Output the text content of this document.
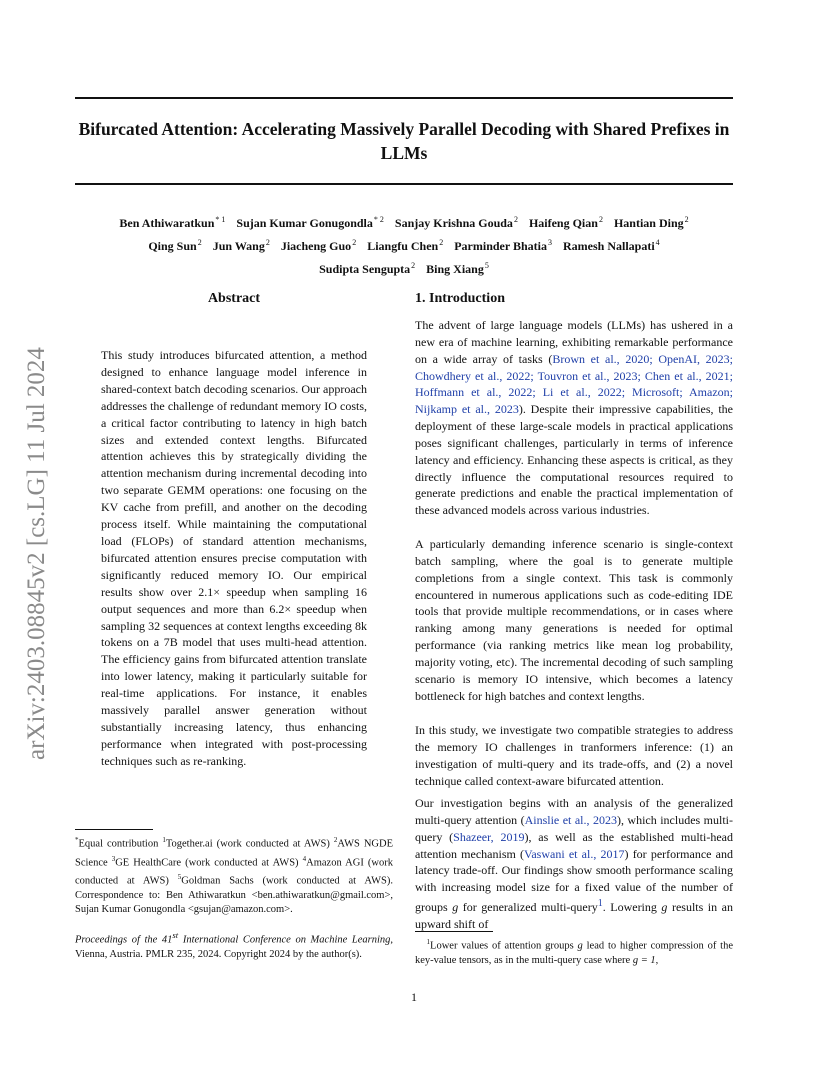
Bifurcated Attention: Accelerating Massively Parallel Decoding with Shared Prefixes in LLMs
Ben Athiwaratkun$^{* 1}$ Sujan Kumar Gonugondla$^{* 2}$ Sanjay Krishna Gouda$^2$ Haifeng Qian$^2$ Hantian Ding$^2$
Qing Sun$^2$ Jun Wang$^2$ Jiacheng Guo$^2$ Liangfu Chen$^2$ Parminder Bhatia$^3$ Ramesh Nallapati$^4$
Sudipta Sengupta$^2$ Bing Xiang$^5$
arXiv:2403.08845v2 [cs.LG] 11 Jul 2024
Abstract

This study introduces bifurcated attention, a method designed to enhance language model inference in shared-context batch decoding scenarios. Our approach addresses the challenge of redundant memory IO costs, a critical factor contributing to latency in high batch sizes and extended context lengths. Bifurcated attention achieves this by strategically dividing the attention mechanism during incremental decoding into two separate GEMM operations: one focusing on the KV cache from prefill, and another on the decoding process itself. While maintaining the computational load (FLOPs) of standard attention mechanisms, bifurcated attention ensures precise computation with significantly reduced memory IO. Our empirical results show over 2.1× speedup when sampling 16 output sequences and more than 6.2× speedup when sampling 32 sequences at context lengths exceeding 8k tokens on a 7B model that uses multi-head attention. The efficiency gains from bifurcated attention translate into lower latency, making it particularly suitable for real-time applications. For instance, it enables massively parallel answer generation without substantially increasing latency, thus enhancing performance when integrated with post-processing techniques such as re-ranking.

1. Introduction

The advent of large language models (LLMs) has ushered in a new era of machine learning, exhibiting remarkable performance on a wide array of tasks (Brown et al., 2020; OpenAI, 2023; Chowdhery et al., 2022; Touvron et al., 2023; Chen et al., 2021; Hoffmann et al., 2022; Li et al., 2022; Microsoft; Amazon; Nijkamp et al., 2023). Despite their impressive capabilities, the deployment of these large-scale models in practical applications poses significant challenges, particularly in terms of inference latency and efficiency. Enhancing these aspects is critical, as they directly influence the computational resources required to generate predictions and enable the practical implementation of these advanced models across various industries.

A particularly demanding inference scenario is single-context batch sampling, where the goal is to generate multiple completions from a single context. This task is commonly encountered in numerous applications such as code-editing IDE tools that provide multiple recommendations, or in cases where ranking among many generations is needed for optimal performance (via ranking metrics like mean log probability, majority voting, etc). The incremental decoding of such sampling scenario is memory IO intensive, which becomes a latency bottleneck for high batches and context lengths.

In this study, we investigate two compatible strategies to address the memory IO challenges in tranformers inference: (1) an investigation of multi-query and its trade-offs, and (2) a novel technique called context-aware bifurcated attention.

Our investigation begins with an analysis of the generalized multi-query attention (Ainslie et al., 2023), which includes multi-query (Shazeer, 2019), as well as the established multi-head attention mechanism (Vaswani et al., 2017) for performance and latency trade-off. Our findings show smooth performance scaling with increasing model size for a fixed value of the number of groups g for generalized multi-query$^1$. Lowering g results in an upward shift of

*Equal contribution $^1$Together.ai (work conducted at AWS) $^2$AWS NGDE Science $^3$GE HealthCare (work conducted at AWS) $^4$Amazon AGI (work conducted at AWS) $^5$Goldman Sachs (work conducted at AWS). Correspondence to: Ben Athiwaratkun <ben.athiwaratkun@gmail.com>, Sujan Kumar Gonugondla <gsujan@amazon.com>.

Proceedings of the 41st International Conference on Machine Learning, Vienna, Austria. PMLR 235, 2024. Copyright 2024 by the author(s).

$^1$Lower values of attention groups g lead to higher compression of the key-value tensors, as in the multi-query case where g = 1,

1
